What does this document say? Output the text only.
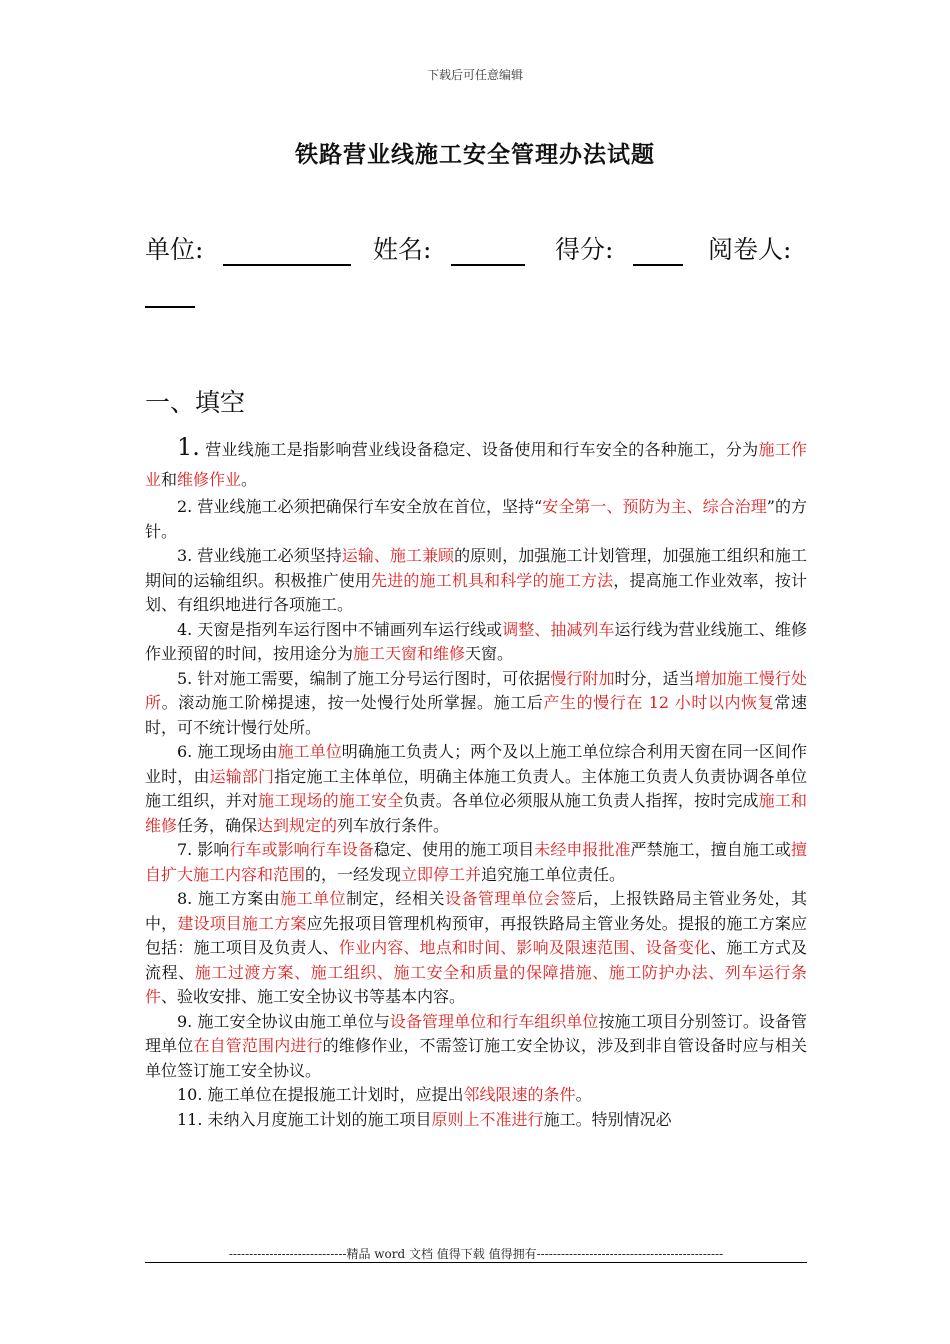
下载后可任意编辑
铁路营业线施工安全管理办法试题
单位:	姓名:	得分:	阅卷人:
一、填空

1. 营业线施工是指影响营业线设备稳定、设备使用和行车安全的各种施工，分为施工作业和维修作业。

2. 营业线施工必须把确保行车安全放在首位，坚持“安全第一、预防为主、综合治理”的方针。

3. 营业线施工必须坚持运输、施工兼顾的原则，加强施工计划管理，加强施工组织和施工期间的运输组织。积极推广使用先进的施工机具和科学的施工方法，提高施工作业效率，按计划、有组织地进行各项施工。

4. 天窗是指列车运行图中不铺画列车运行线或调整、抽减列车运行线为营业线施工、维修作业预留的时间，按用途分为施工天窗和维修天窗。

5. 针对施工需要，编制了施工分号运行图时，可依据慢行附加时分，适当增加施工慢行处所。滚动施工阶梯提速，按一处慢行处所掌握。施工后产生的慢行在 12 小时以内恢复常速时，可不统计慢行处所。

6. 施工现场由施工单位明确施工负责人；两个及以上施工单位综合利用天窗在同一区间作业时，由运输部门指定施工主体单位，明确主体施工负责人。主体施工负责人负责协调各单位施工组织，并对施工现场的施工安全负责。各单位必须服从施工负责人指挥，按时完成施工和维修任务，确保达到规定的列车放行条件。

7. 影响行车或影响行车设备稳定、使用的施工项目未经申报批准严禁施工，擅自施工或擅自扩大施工内容和范围的，一经发现立即停工并追究施工单位责任。

8. 施工方案由施工单位制定，经相关设备管理单位会签后，上报铁路局主管业务处，其中，建设项目施工方案应先报项目管理机构预审，再报铁路局主管业务处。提报的施工方案应包括：施工项目及负责人、作业内容、地点和时间、影响及限速范围、设备变化、施工方式及流程、施工过渡方案、施工组织、施工安全和质量的保障措施、施工防护办法、列车运行条件、验收安排、施工安全协议书等基本内容。

9. 施工安全协议由施工单位与设备管理单位和行车组织单位按施工项目分别签订。设备管理单位在自管范围内进行的维修作业，不需签订施工安全协议，涉及到非自管设备时应与相关单位签订施工安全协议。

10. 施工单位在提报施工计划时，应提出邻线限速的条件。

11. 未纳入月度施工计划的施工项目原则上不准进行施工。特别情况必

-----------------------------精品 word 文档 值得下载 值得拥有----------------------------------------------
